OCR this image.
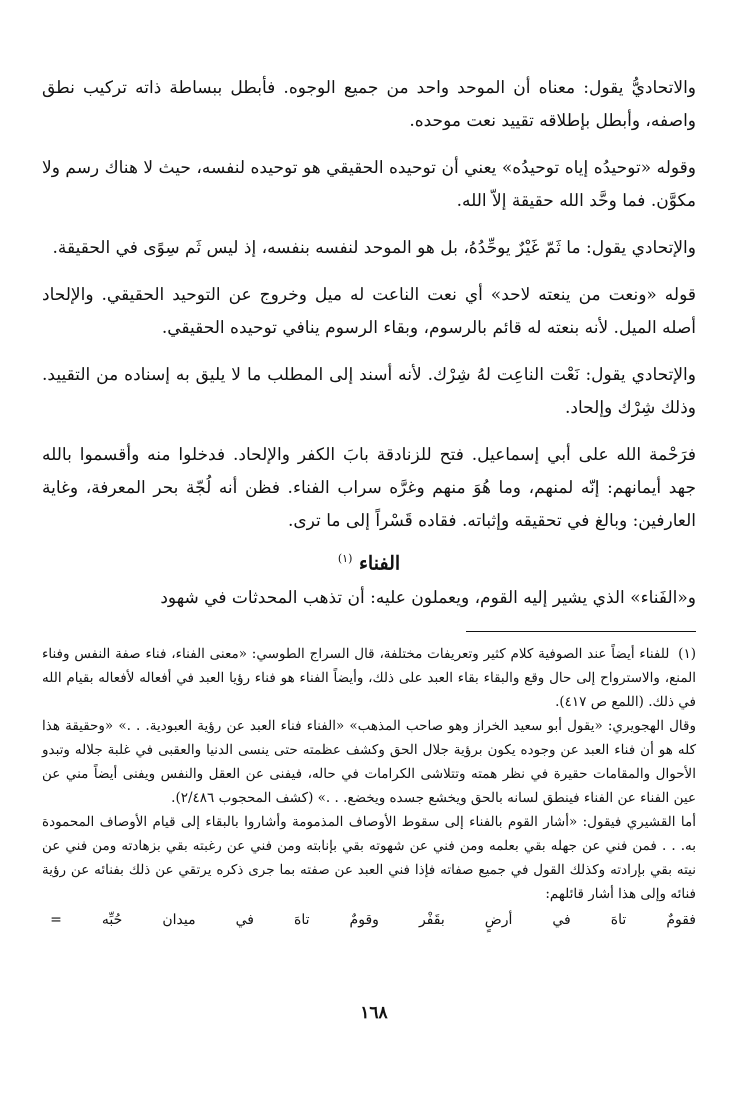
والاتحاديُّ يقول: معناه أن الموحد واحد من جميع الوجوه. فأبطل ببساطة ذاته تركيب نطق واصفه، وأبطل بإطلاقه تقييد نعت موحده.

وقوله «توحيدُه إياه توحيدُه» يعني أن توحيده الحقيقي هو توحيده لنفسه، حيث لا هناك رسم ولا مكوَّن. فما وحَّد الله حقيقة إلاّ الله.

والإتحادي يقول: ما ثَمّ غَيْرٌ يوحِّدُهُ، بل هو الموحد لنفسه بنفسه، إذ ليس ثَم سِوًى في الحقيقة.

قوله «ونعت من ينعته لاحد» أي نعت الناعت له ميل وخروج عن التوحيد الحقيقي. والإلحاد أصله الميل. لأنه بنعته له قائم بالرسوم، وبقاء الرسوم ينافي توحيده الحقيقي.

والإتحادي يقول: نَعْت الناعِت لهُ شِرْك. لأنه أسند إلى المطلب ما لا يليق به إسناده من التقييد. وذلك شِرْك وإلحاد.

فرَحْمة الله على أبي إسماعيل. فتح للزنادقة بابَ الكفر والإلحاد. فدخلوا منه وأقسموا بالله جهد أيمانهم: إنّه لمنهم، وما هُوَ منهم وغرَّه سراب الفناء. فظن أنه لُجّة بحر المعرفة، وغاية العارفين: وبالغ في تحقيقه وإثباته. فقاده قَسْراً إلى ما ترى.

الفناء $^{(١)}$

و«الفَناء» الذي يشير إليه القوم، ويعملون عليه: أن تذهب المحدثات في شهود

(١) للفناء أيضاً عند الصوفية كلام كثير وتعريفات مختلفة، قال السراج الطوسي: «معنى الفناء، فناء صفة النفس وفناء المنع، والاسترواح إلى حال وقع والبقاء بقاء العبد على ذلك، وأيضاً الفناء هو فناء رؤيا العبد في أفعاله لأفعاله بقيام الله في ذلك. (اللمع ص ٤١٧).

وقال الهجويري: «يقول أبو سعيد الخراز وهو صاحب المذهب» «الفناء فناء العبد عن رؤية العبودية. . .» «وحقيقة هذا كله هو أن فناء العبد عن وجوده يكون برؤية جلال الحق وكشف عظمته حتى ينسى الدنيا والعقبى في غلبة جلاله وتبدو الأحوال والمقامات حقيرة في نظر همته وتتلاشى الكرامات في حاله، فيفنى عن العقل والنفس ويفنى أيضاً مني عن عين الفناء عن الفناء فينطق لسانه بالحق ويخشع جسده ويخضع. . .» (كشف المحجوب ٢/٤٨٦).

أما القشيري فيقول: «أشار القوم بالفناء إلى سقوط الأوصاف المذمومة وأشاروا بالبقاء إلى قيام الأوصاف المحمودة به. . . فمن فني عن جهله بقي بعلمه ومن فني عن شهوته بقي بإنابته ومن فني عن رغبته بقي بزهادته ومن فني عن نيته بقي بإرادته وكذلك القول في جميع صفاته فإذا فني العبد عن صفته بما جرى ذكره يرتقي عن ذلك بفنائه عن رؤية فنائه وإلى هذا أشار قائلهم:

فقومٌ
تاهَ
في
أرضٍ
بقَفْر
وقومٌ
تاهَ
في
ميدان
حُبِّه
=
١٦٨
